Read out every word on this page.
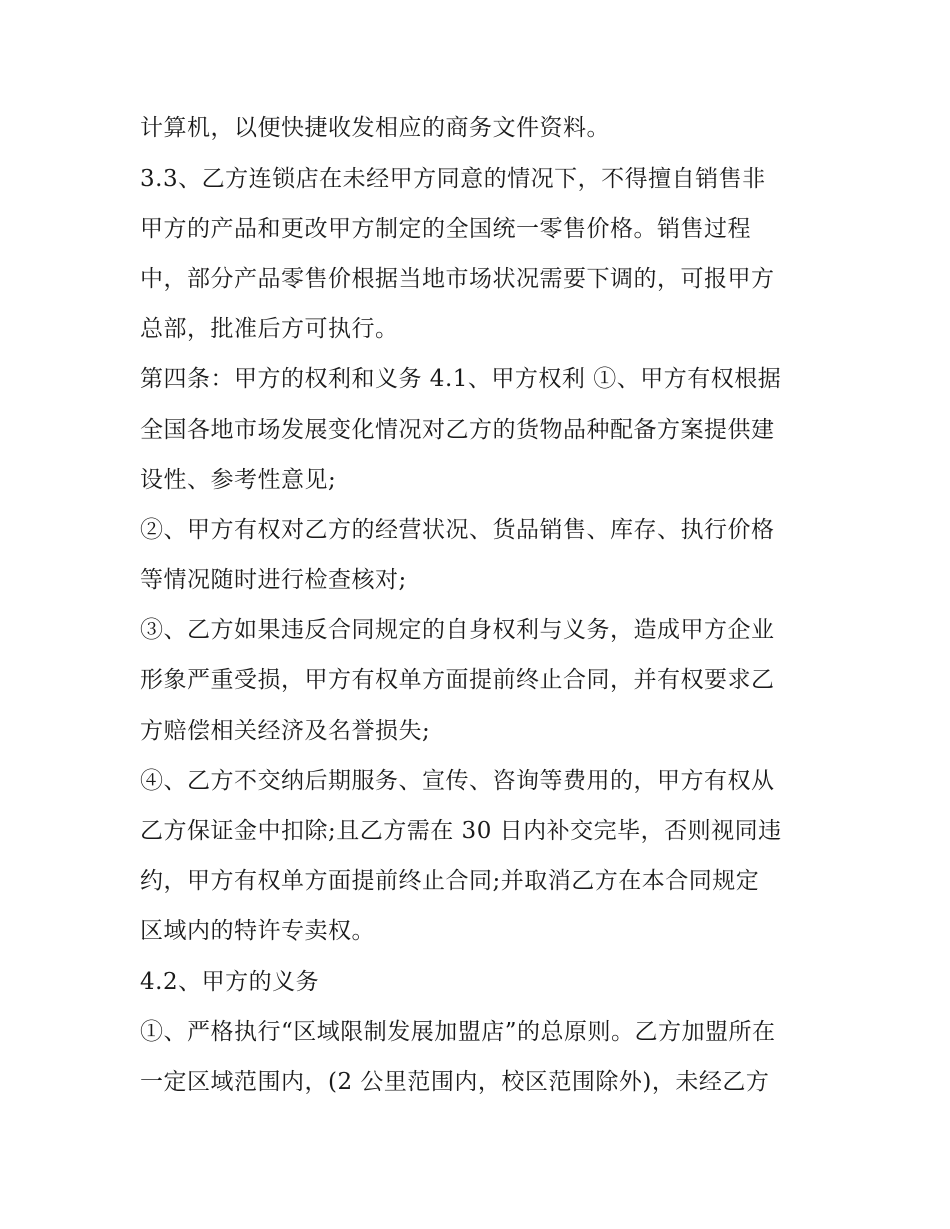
计算机，以便快捷收发相应的商务文件资料。
3.3、乙方连锁店在未经甲方同意的情况下，不得擅自销售非
甲方的产品和更改甲方制定的全国统一零售价格。销售过程
中，部分产品零售价根据当地市场状况需要下调的，可报甲方
总部，批准后方可执行。
第四条：甲方的权利和义务 4.1、甲方权利 ①、甲方有权根据
全国各地市场发展变化情况对乙方的货物品种配备方案提供建
设性、参考性意见;
②、甲方有权对乙方的经营状况、货品销售、库存、执行价格
等情况随时进行检查核对;
③、乙方如果违反合同规定的自身权利与义务，造成甲方企业
形象严重受损，甲方有权单方面提前终止合同，并有权要求乙
方赔偿相关经济及名誉损失;
④、乙方不交纳后期服务、宣传、咨询等费用的，甲方有权从
乙方保证金中扣除;且乙方需在 30 日内补交完毕，否则视同违
约，甲方有权单方面提前终止合同;并取消乙方在本合同规定
区域内的特许专卖权。
4.2、甲方的义务
①、严格执行“区域限制发展加盟店”的总原则。乙方加盟所在
一定区域范围内，(2 公里范围内，校区范围除外)，未经乙方
